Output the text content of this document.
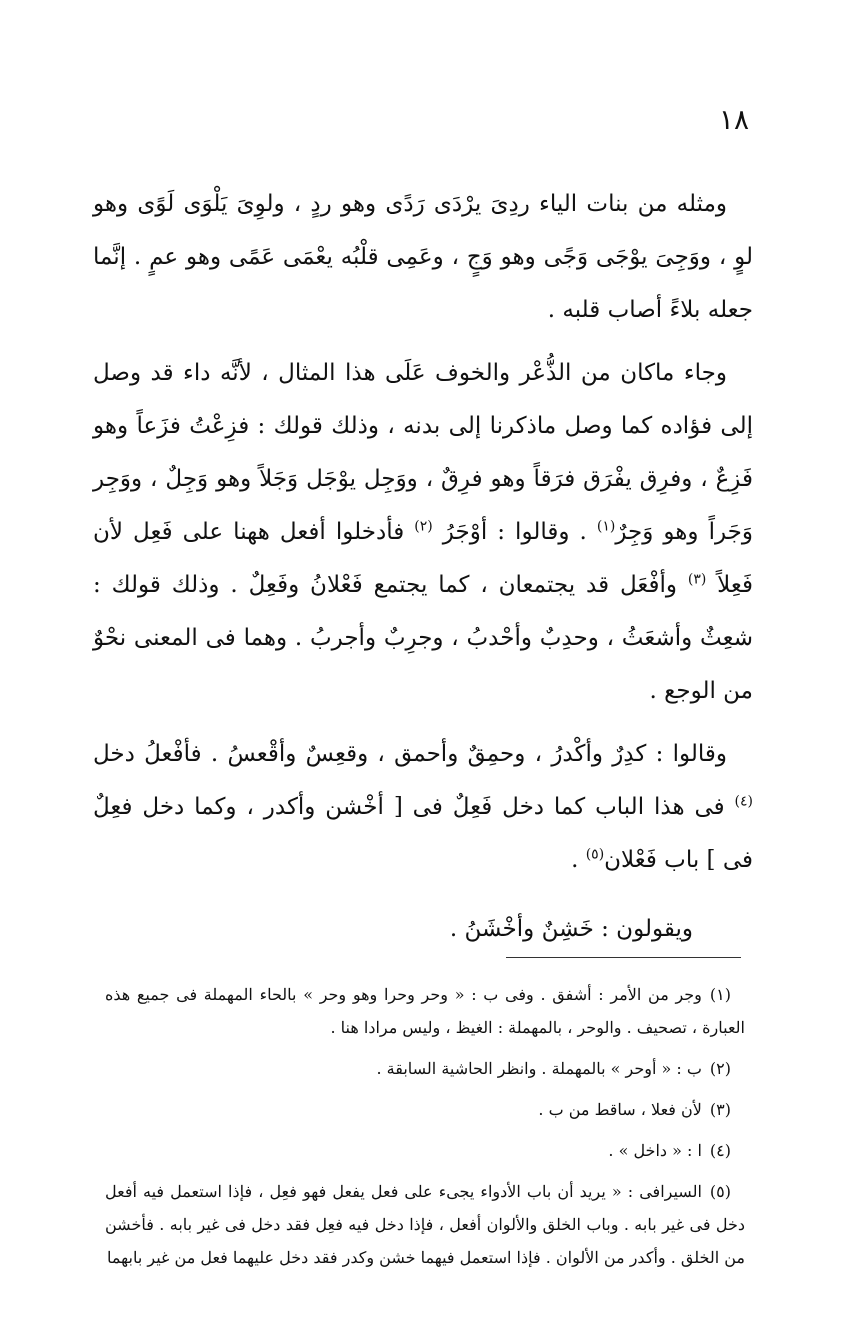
١٨

ومثله من بنات الياء ردِىَ يرْدَى رَدًى وهو ردٍ ، ولوِىَ يَلْوَى لَوًى وهو لوٍ ، ووَجِىَ يوْجَى وَجًى وهو وَجٍ ، وعَمِى قلْبُه يعْمَى عَمًى وهو عمٍ . إنَّما جعله بلاءً أصاب قلبه .

وجاء ماكان من الذُّعْر والخوف عَلَى هذا المثال ، لأنَّه داء قد وصل إلى فؤاده كما وصل ماذكرنا إلى بدنه ، وذلك قولك : فزِعْتُ فزَعاً وهو فَزِعٌ ، وفرِق يفْرَق فرَقاً وهو فرِقٌ ، ووَجِل يوْجَل وَجَلاً وهو وَجِلٌ ، ووَجِر وَجَراً وهو وَجِرٌ$^{(١)}$ . وقالوا : أوْجَرُ $^{(٢)}$ فأدخلوا أفعل ههنا على فَعِل لأن فَعِلاً $^{(٣)}$ وأفْعَل قد يجتمعان ، كما يجتمع فَعْلانُ وفَعِلٌ . وذلك قولك : شعِثٌ وأشعَثُ ، وحدِبٌ وأحْدبُ ، وجرِبٌ وأجربُ . وهما فى المعنى نحْوٌ من الوجع .

وقالوا : كدِرٌ وأكْدرُ ، وحمِقٌ وأحمق ، وقعِسٌ وأقْعسُ . فأفْعلُ دخل $^{(٤)}$ فى هذا الباب كما دخل فَعِلٌ فى [ أخْشن وأكدر ، وكما دخل فعِلٌ فى ] باب فَعْلان$^{(٥)}$ .

ويقولون : خَشِنٌ وأخْشَنُ .

(١)وجر من الأمر : أشفق . وفى ب : « وحر وحرا وهو وحر » بالحاء المهملة فى جميع هذه العبارة ، تصحيف . والوحر ، بالمهملة : الغيظ ، وليس مرادا هنا .

(٢)ب : « أوحر » بالمهملة . وانظر الحاشية السابقة .

(٣)لأن فعلا ، ساقط من ب .

(٤)ا : « داخل » .

(٥)السيرافى : « يريد أن باب الأدواء يجىء على فعل يفعل فهو فعِل ، فإذا استعمل فيه أفعل دخل فى غير بابه . وباب الخلق والألوان أفعل ، فإذا دخل فيه فعِل فقد دخل فى غير بابه . فأخشن من الخلق . وأكدر من الألوان . فإذا استعمل فيهما خشن وكدر فقد دخل عليهما فعل من غير بابهما
